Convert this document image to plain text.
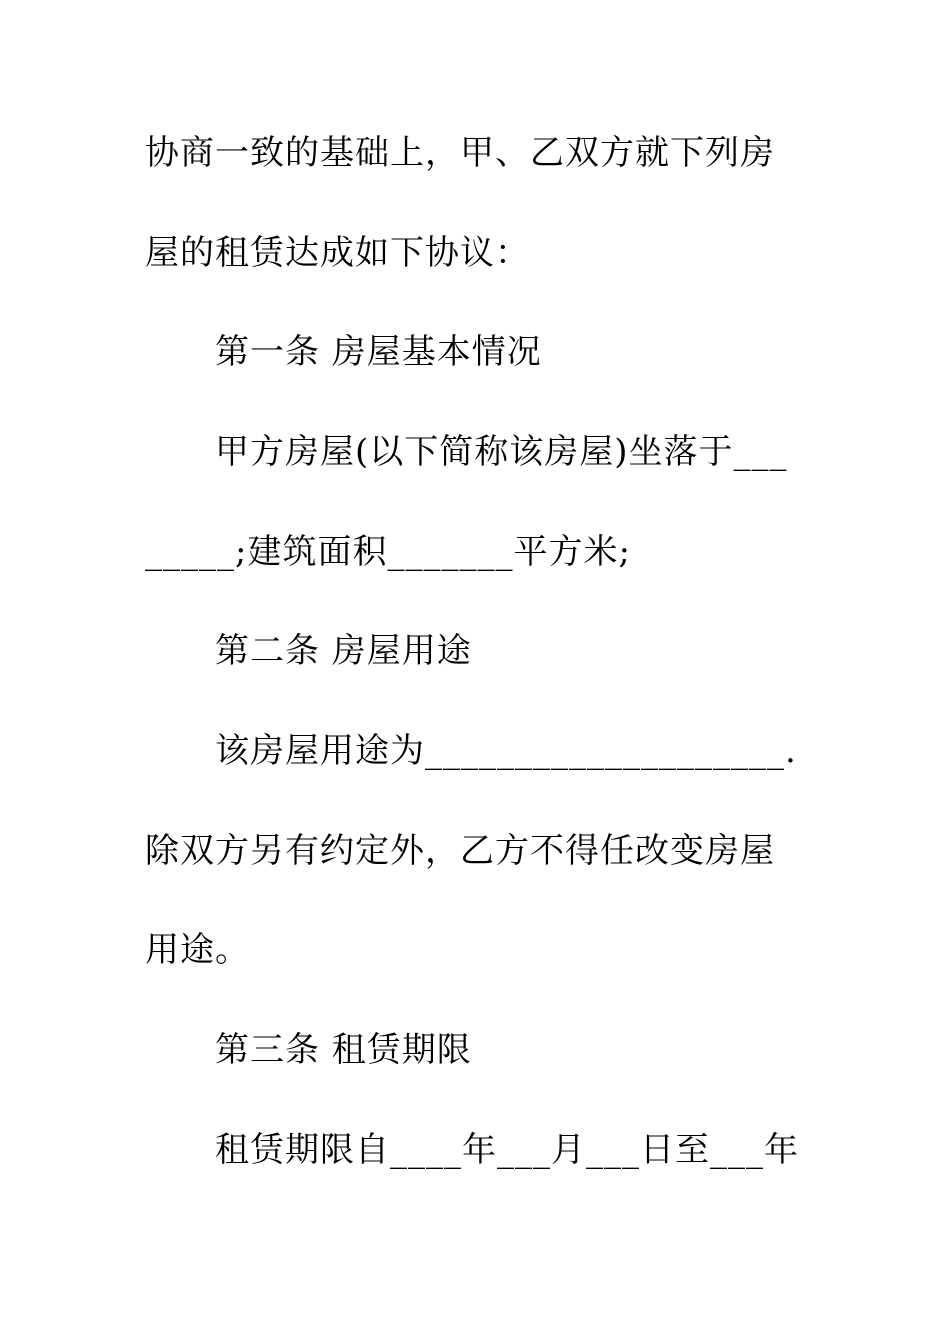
协商一致的基础上，甲、乙双方就下列房
屋的租赁达成如下协议：
第一条 房屋基本情况
甲方房屋(以下简称该房屋)坐落于___
_____;建筑面积_______平方米;
第二条 房屋用途
该房屋用途为____________________.
除双方另有约定外，乙方不得任改变房屋
用途。
第三条 租赁期限
租赁期限自____年___月___日至___年
